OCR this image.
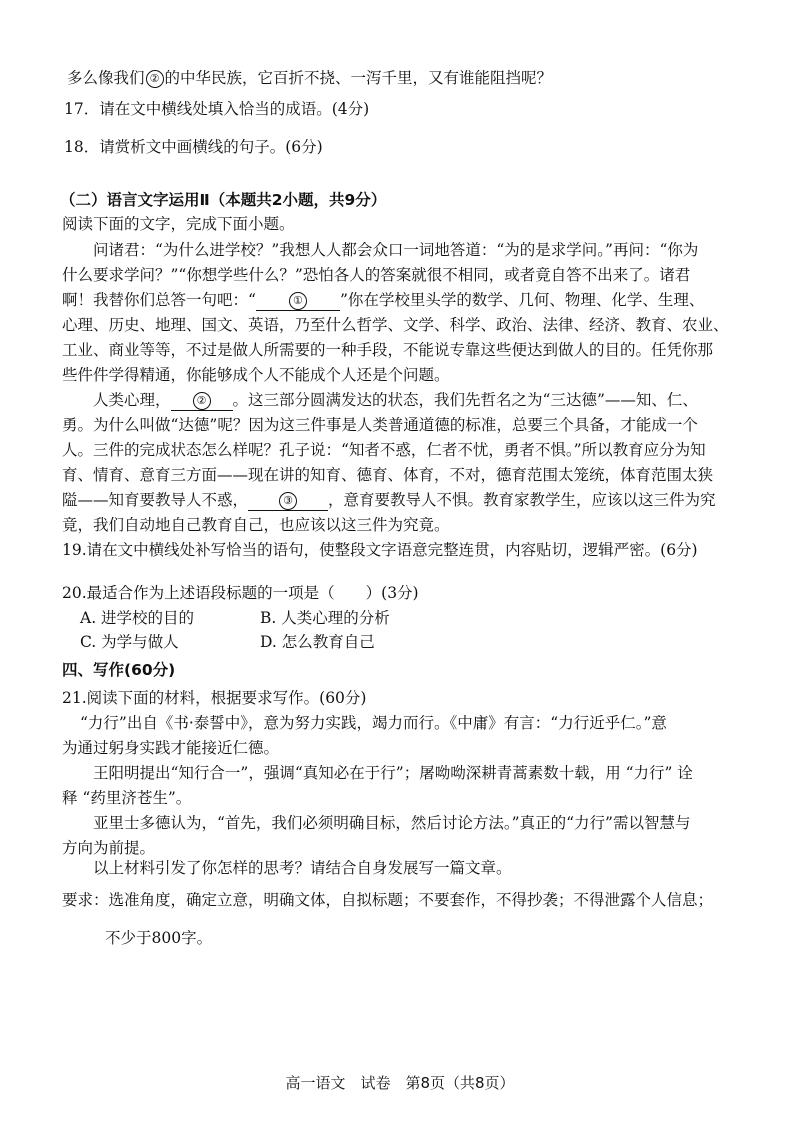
多么像我们 ② 的中华民族，它百折不挠、一泻千里，又有谁能阻挡呢？
17．请在文中横线处填入恰当的成语。(4分)
18．请赏析文中画横线的句子。(6分)
（二）语言文字运用Ⅱ（本题共2小题，共9分）
阅读下面的文字，完成下面小题。
问诸君：“为什么进学校？”我想人人都会众口一词地答道：“为的是求学问。”再问：“你为
什么要求学问？”“你想学些什么？”恐怕各人的答案就很不相同，或者竟自答不出来了。诸君
啊！我替你们总答一句吧：“	① ”你在学校里头学的数学、几何、物理、化学、生理、
心理、历史、地理、国文、英语，乃至什么哲学、文学、科学、政治、法律、经济、教育、农业、
工业、商业等等，不过是做人所需要的一种手段，不能说专靠这些便达到做人的目的。任凭你那
些件件学得精通，你能够成个人不能成个人还是个问题。
人类心理， ② 。这三部分圆满发达的状态，我们先哲名之为“三达德”——知、仁、
勇。为什么叫做“达德”呢？因为这三件事是人类普通道德的标准，总要三个具备，才能成一个
人。三件的完成状态怎么样呢？孔子说：“知者不惑，仁者不忧，勇者不惧。”所以教育应分为知
育、情育、意育三方面——现在讲的知育、德育、体育，不对，德育范围太笼统，体育范围太狭
隘——知育要教导人不惑，	③ ，意育要教导人不惧。教育家教学生，应该以这三件为究
竟，我们自动地自己教育自己，也应该以这三件为究竟。
19.请在文中横线处补写恰当的语句，使整段文字语意完整连贯，内容贴切，逻辑严密。(6分)
20.最适合作为上述语段标题的一项是（　　）(3分)
A. 进学校的目的	B. 人类心理的分析
C. 为学与做人	D. 怎么教育自己
四、写作(60分)
21.阅读下面的材料，根据要求写作。(60分)
“力行”出自《书·泰誓中》，意为努力实践，竭力而行。《中庸》有言：“力行近乎仁。”意
为通过躬身实践才能接近仁德。
王阳明提出“知行合一”，强调“真知必在于行”；屠呦呦深耕青蒿素数十载，用 “力行” 诠
释 “药里济苍生”。
亚里士多德认为，“首先，我们必须明确目标，然后讨论方法。”真正的“力行”需以智慧与
方向为前提。
以上材料引发了你怎样的思考？请结合自身发展写一篇文章。
要求：选准角度，确定立意，明确文体，自拟标题；不要套作，不得抄袭；不得泄露个人信息；
不少于800字。
高一语文　试卷　第8页（共8页）
